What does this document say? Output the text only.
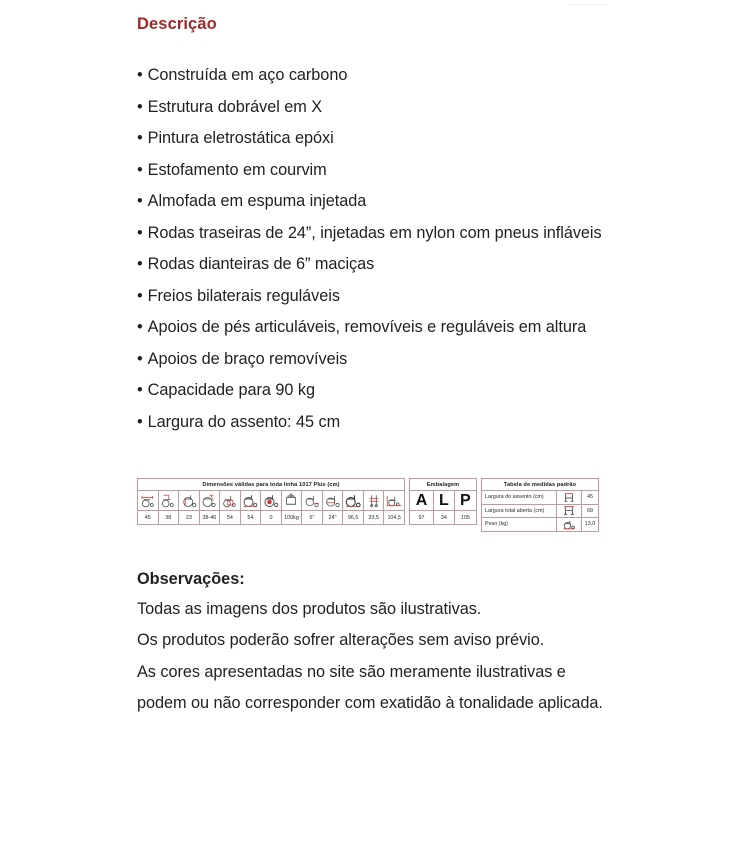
Descrição
• Construída em aço carbono
• Estrutura dobrável em X
• Pintura eletrostática epóxi
• Estofamento em courvim
• Almofada em espuma injetada
• Rodas traseiras de 24”, injetadas em nylon com pneus infláveis
• Rodas dianteiras de 6” maciças
• Freios bilaterais reguláveis
• Apoios de pés articuláveis, removíveis e reguláveis em altura
• Apoios de braço removíveis
• Capacidade para 90 kg
• Largura do assento: 45 cm
Dimensões válidas para toda linha 1017 Plus (cm)												

45	38	23	38-46	54	54	0	100kg	6"	24"	96,5	33,5	104,5
Embalagem		
A	L	P
97	34	105
Tabela de medidas padrão		
Largura do assento (cm)		45
Largura total aberta (cm)		68
Peso (kg)		13,0
Observações:

Todas as imagens dos produtos são ilustrativas.

Os produtos poderão sofrer alterações sem aviso prévio.

As cores apresentadas no site são meramente ilustrativas e podem ou não corresponder com exatidão à tonalidade aplicada.
